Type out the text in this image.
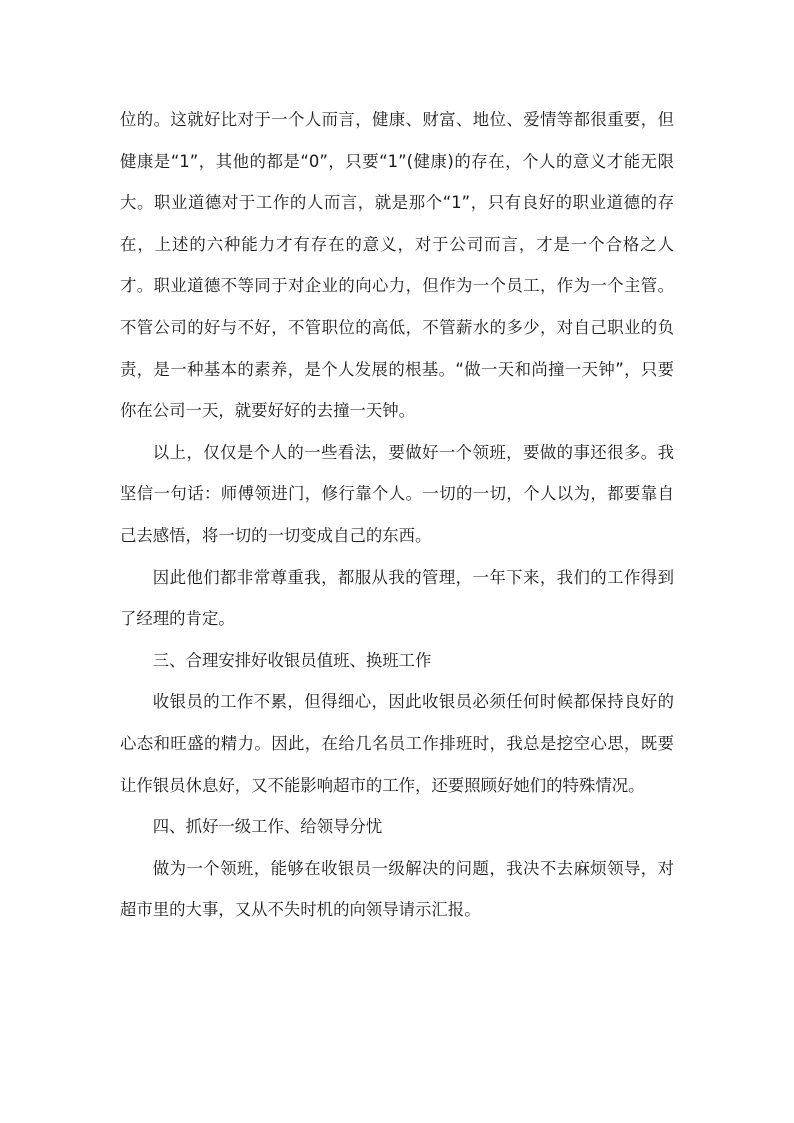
位的。这就好比对于一个人而言，健康、财富、地位、爱情等都很重要，但健康是“1”，其他的都是“0”，只要“1”(健康)的存在，个人的意义才能无限大。职业道德对于工作的人而言，就是那个“1”，只有良好的职业道德的存在，上述的六种能力才有存在的意义，对于公司而言，才是一个合格之人才。职业道德不等同于对企业的向心力，但作为一个员工，作为一个主管。不管公司的好与不好，不管职位的高低，不管薪水的多少，对自己职业的负责，是一种基本的素养，是个人发展的根基。“做一天和尚撞一天钟”，只要你在公司一天，就要好好的去撞一天钟。

以上，仅仅是个人的一些看法，要做好一个领班，要做的事还很多。我坚信一句话：师傅领进门，修行靠个人。一切的一切，个人以为，都要靠自己去感悟，将一切的一切变成自己的东西。

因此他们都非常尊重我，都服从我的管理，一年下来，我们的工作得到了经理的肯定。

三、合理安排好收银员值班、换班工作

收银员的工作不累，但得细心，因此收银员必须任何时候都保持良好的心态和旺盛的精力。因此，在给几名员工作排班时，我总是挖空心思，既要让作银员休息好，又不能影响超市的工作，还要照顾好她们的特殊情况。

四、抓好一级工作、给领导分忧

做为一个领班，能够在收银员一级解决的问题，我决不去麻烦领导，对超市里的大事，又从不失时机的向领导请示汇报。
